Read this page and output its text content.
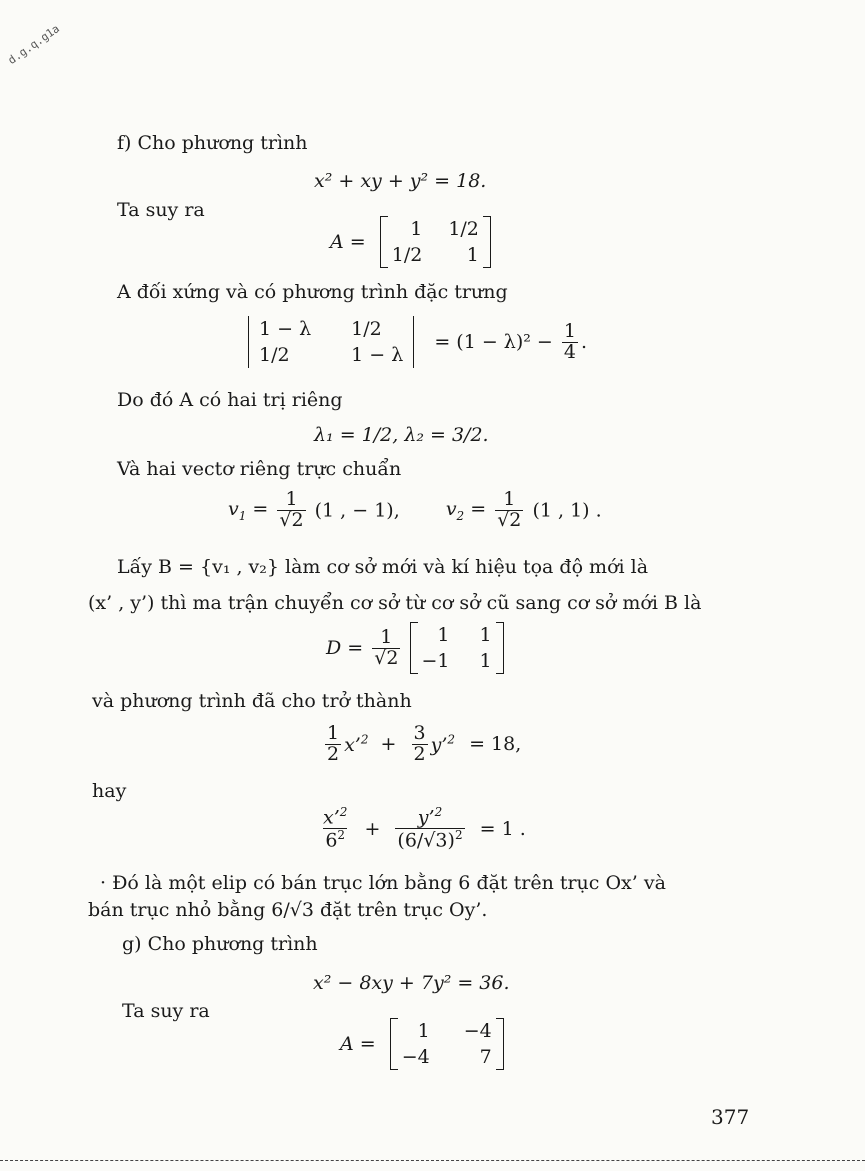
d.g.q.g1a
f) Cho phương trình
x² + xy + y² = 18.
Ta suy ra
A =
1 1/2
1/2	1
A đối xứng và có phương trình đặc trưng
1 − λ 1/2
1/2	1 − λ
= $(1 - \lambda)^2 - \frac{1}{4}$ .
Do đó A có hai trị riêng
λ₁ = 1/2, λ₂ = 3/2.
Và hai vectơ riêng trực chuẩn
$v_1 = \frac{1}{√2} (1$ , − 1), $v_2 = \frac{1}{√2} (1$ , 1) .
Lấy B = {v₁ , v₂} làm cơ sở mới và kí hiệu tọa độ mới là
(x’ , y’) thì ma trận chuyển cơ sở từ cơ sở cũ sang cơ sở mới B là
$D = \frac{1}{√2}$
	1 1
−1 1
và phương trình đã cho trở thành
$\frac{1}{2}$ x’$^2$ + $\frac{3}{2}$ y’$^2$ = 18,
hay
$\frac{x’^2}{6^2} + \frac{y’^2}{(6/√3)^2} = 1$ .
· Đó là một elip có bán trục lớn bằng 6 đặt trên trục Ox’ và
bán trục nhỏ bằng 6/√3 đặt trên trục Oy’.
g) Cho phương trình
x² − 8xy + 7y² = 36.
Ta suy ra
A =
1 −4
−4	7
377
